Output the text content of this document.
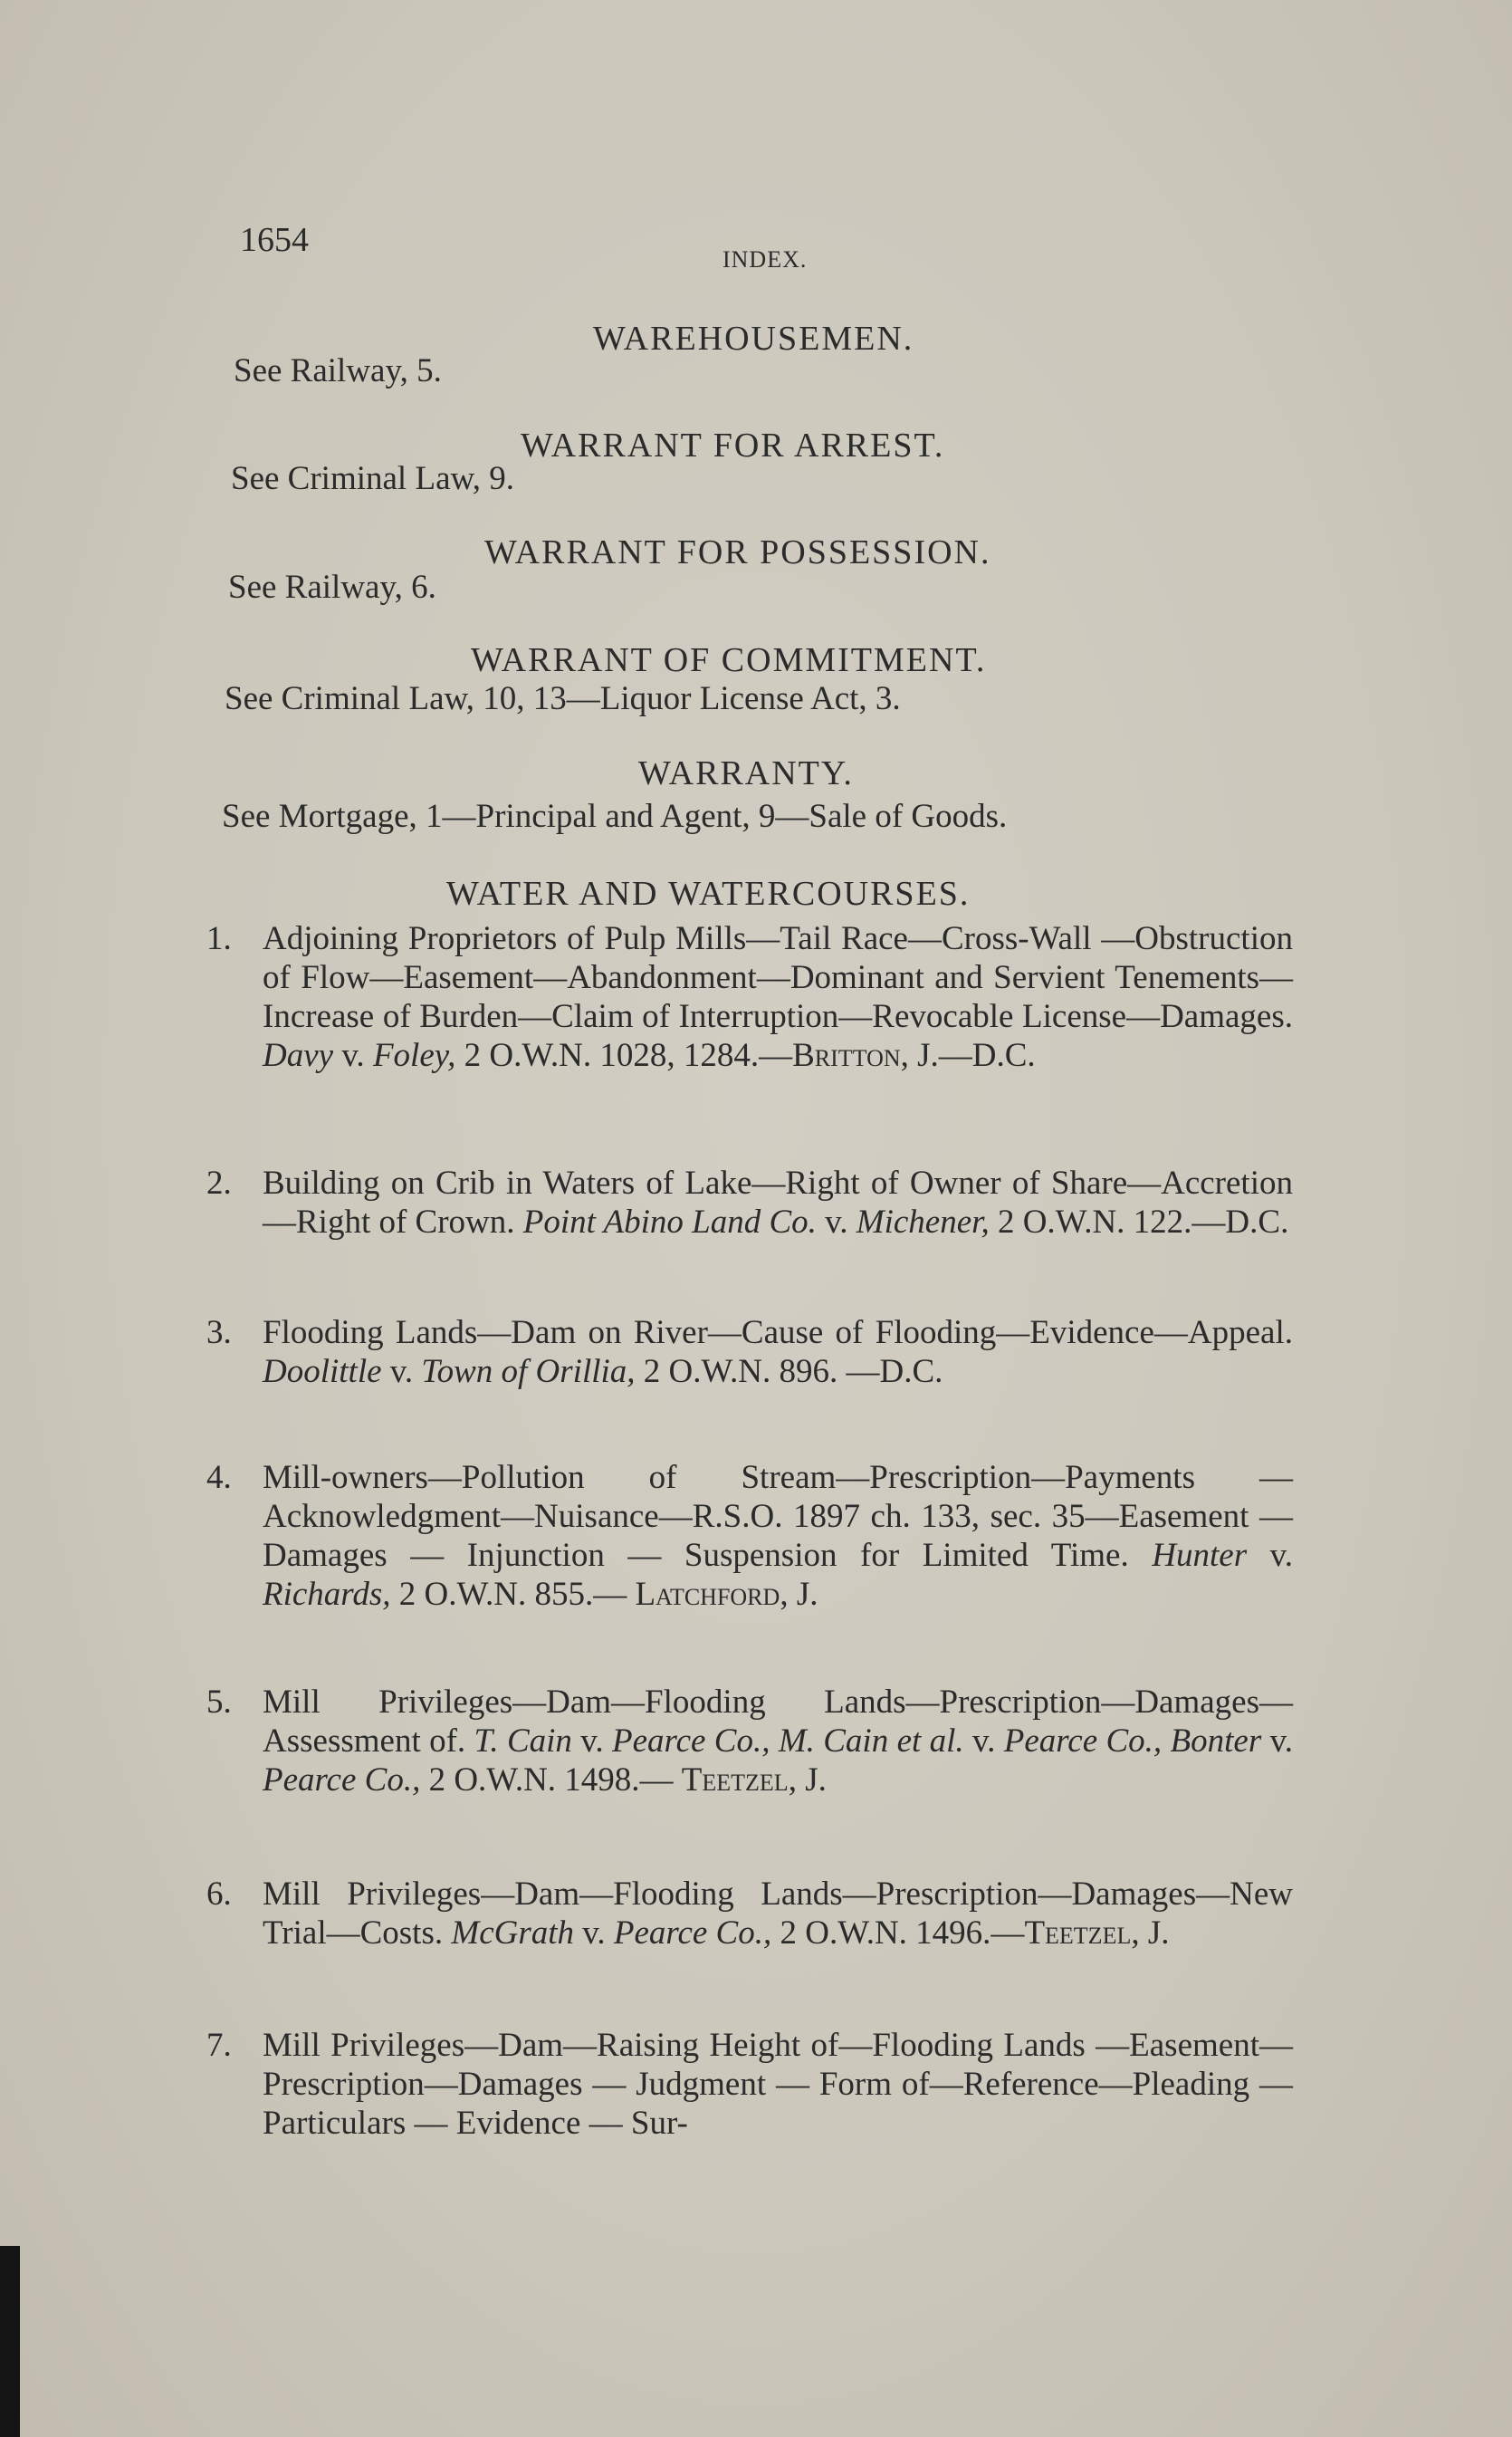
1654
INDEX.
WAREHOUSEMEN.
See Railway, 5.
WARRANT FOR ARREST.
See Criminal Law, 9.
WARRANT FOR POSSESSION.
See Railway, 6.
WARRANT OF COMMITMENT.
See Criminal Law, 10, 13—Liquor License Act, 3.
WARRANTY.
See Mortgage, 1—Principal and Agent, 9—Sale of Goods.
WATER AND WATERCOURSES.
1. Adjoining Proprietors of Pulp Mills—Tail Race—Cross-Wall —Obstruction of Flow—Easement—Abandonment—Dominant and Servient Tenements—Increase of Burden—Claim of Interruption—Revocable License—Damages. Davy v. Foley, 2 O.W.N. 1028, 1284.—Britton, J.—D.C.
2. Building on Crib in Waters of Lake—Right of Owner of Share—Accretion—Right of Crown. Point Abino Land Co. v. Michener, 2 O.W.N. 122.—D.C.
3. Flooding Lands—Dam on River—Cause of Flooding—Evidence—Appeal. Doolittle v. Town of Orillia, 2 O.W.N. 896. —D.C.
4. Mill-owners—Pollution of Stream—Prescription—Payments —Acknowledgment—Nuisance—R.S.O. 1897 ch. 133, sec. 35—Easement — Damages — Injunction — Suspension for Limited Time. Hunter v. Richards, 2 O.W.N. 855.— Latchford, J.
5. Mill Privileges—Dam—Flooding Lands—Prescription—Damages—Assessment of. T. Cain v. Pearce Co., M. Cain et al. v. Pearce Co., Bonter v. Pearce Co., 2 O.W.N. 1498.— Teetzel, J.
6. Mill Privileges—Dam—Flooding Lands—Prescription—Damages—New Trial—Costs. McGrath v. Pearce Co., 2 O.W.N. 1496.—Teetzel, J.
7. Mill Privileges—Dam—Raising Height of—Flooding Lands —Easement—Prescription—Damages — Judgment — Form of—Reference—Pleading — Particulars — Evidence — Sur-
